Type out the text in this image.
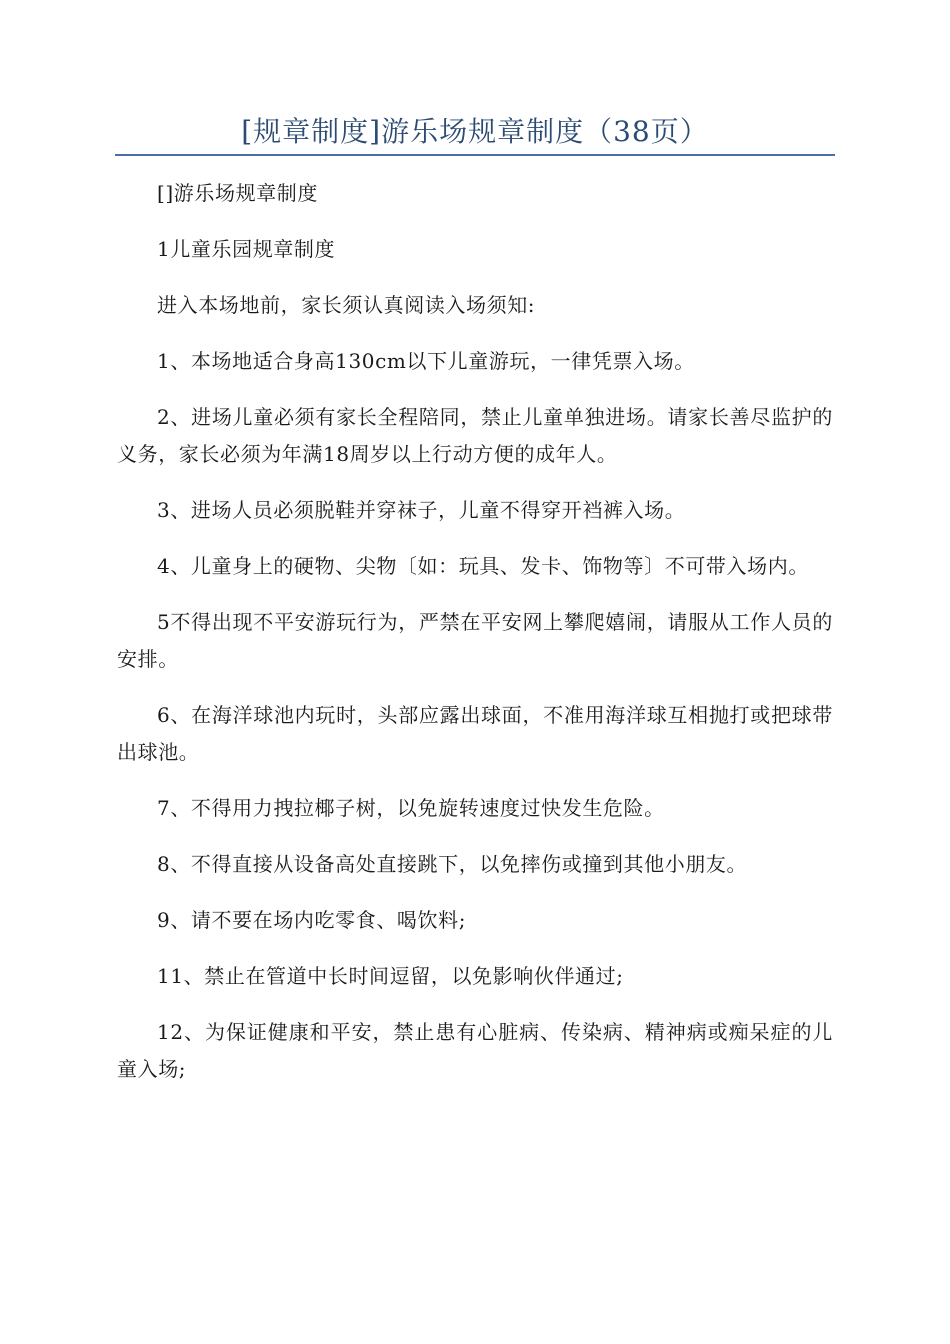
[规章制度]游乐场规章制度（38页）

[]游乐场规章制度

1儿童乐园规章制度

进入本场地前，家长须认真阅读入场须知:

1、本场地适合身高130cm以下儿童游玩，一律凭票入场。

2、进场儿童必须有家长全程陪同，禁止儿童单独进场。请家长善尽监护的义务，家长必须为年满18周岁以上行动方便的成年人。

3、进场人员必须脱鞋并穿袜子，儿童不得穿开裆裤入场。

4、儿童身上的硬物、尖物〔如：玩具、发卡、饰物等〕不可带入场内。

5不得出现不平安游玩行为，严禁在平安网上攀爬嬉闹，请服从工作人员的安排。

6、在海洋球池内玩时，头部应露出球面，不准用海洋球互相抛打或把球带出球池。

7、不得用力拽拉椰子树，以免旋转速度过快发生危险。

8、不得直接从设备高处直接跳下，以免摔伤或撞到其他小朋友。

9、请不要在场内吃零食、喝饮料;

11、禁止在管道中长时间逗留，以免影响伙伴通过;

12、为保证健康和平安，禁止患有心脏病、传染病、精神病或痴呆症的儿童入场;
